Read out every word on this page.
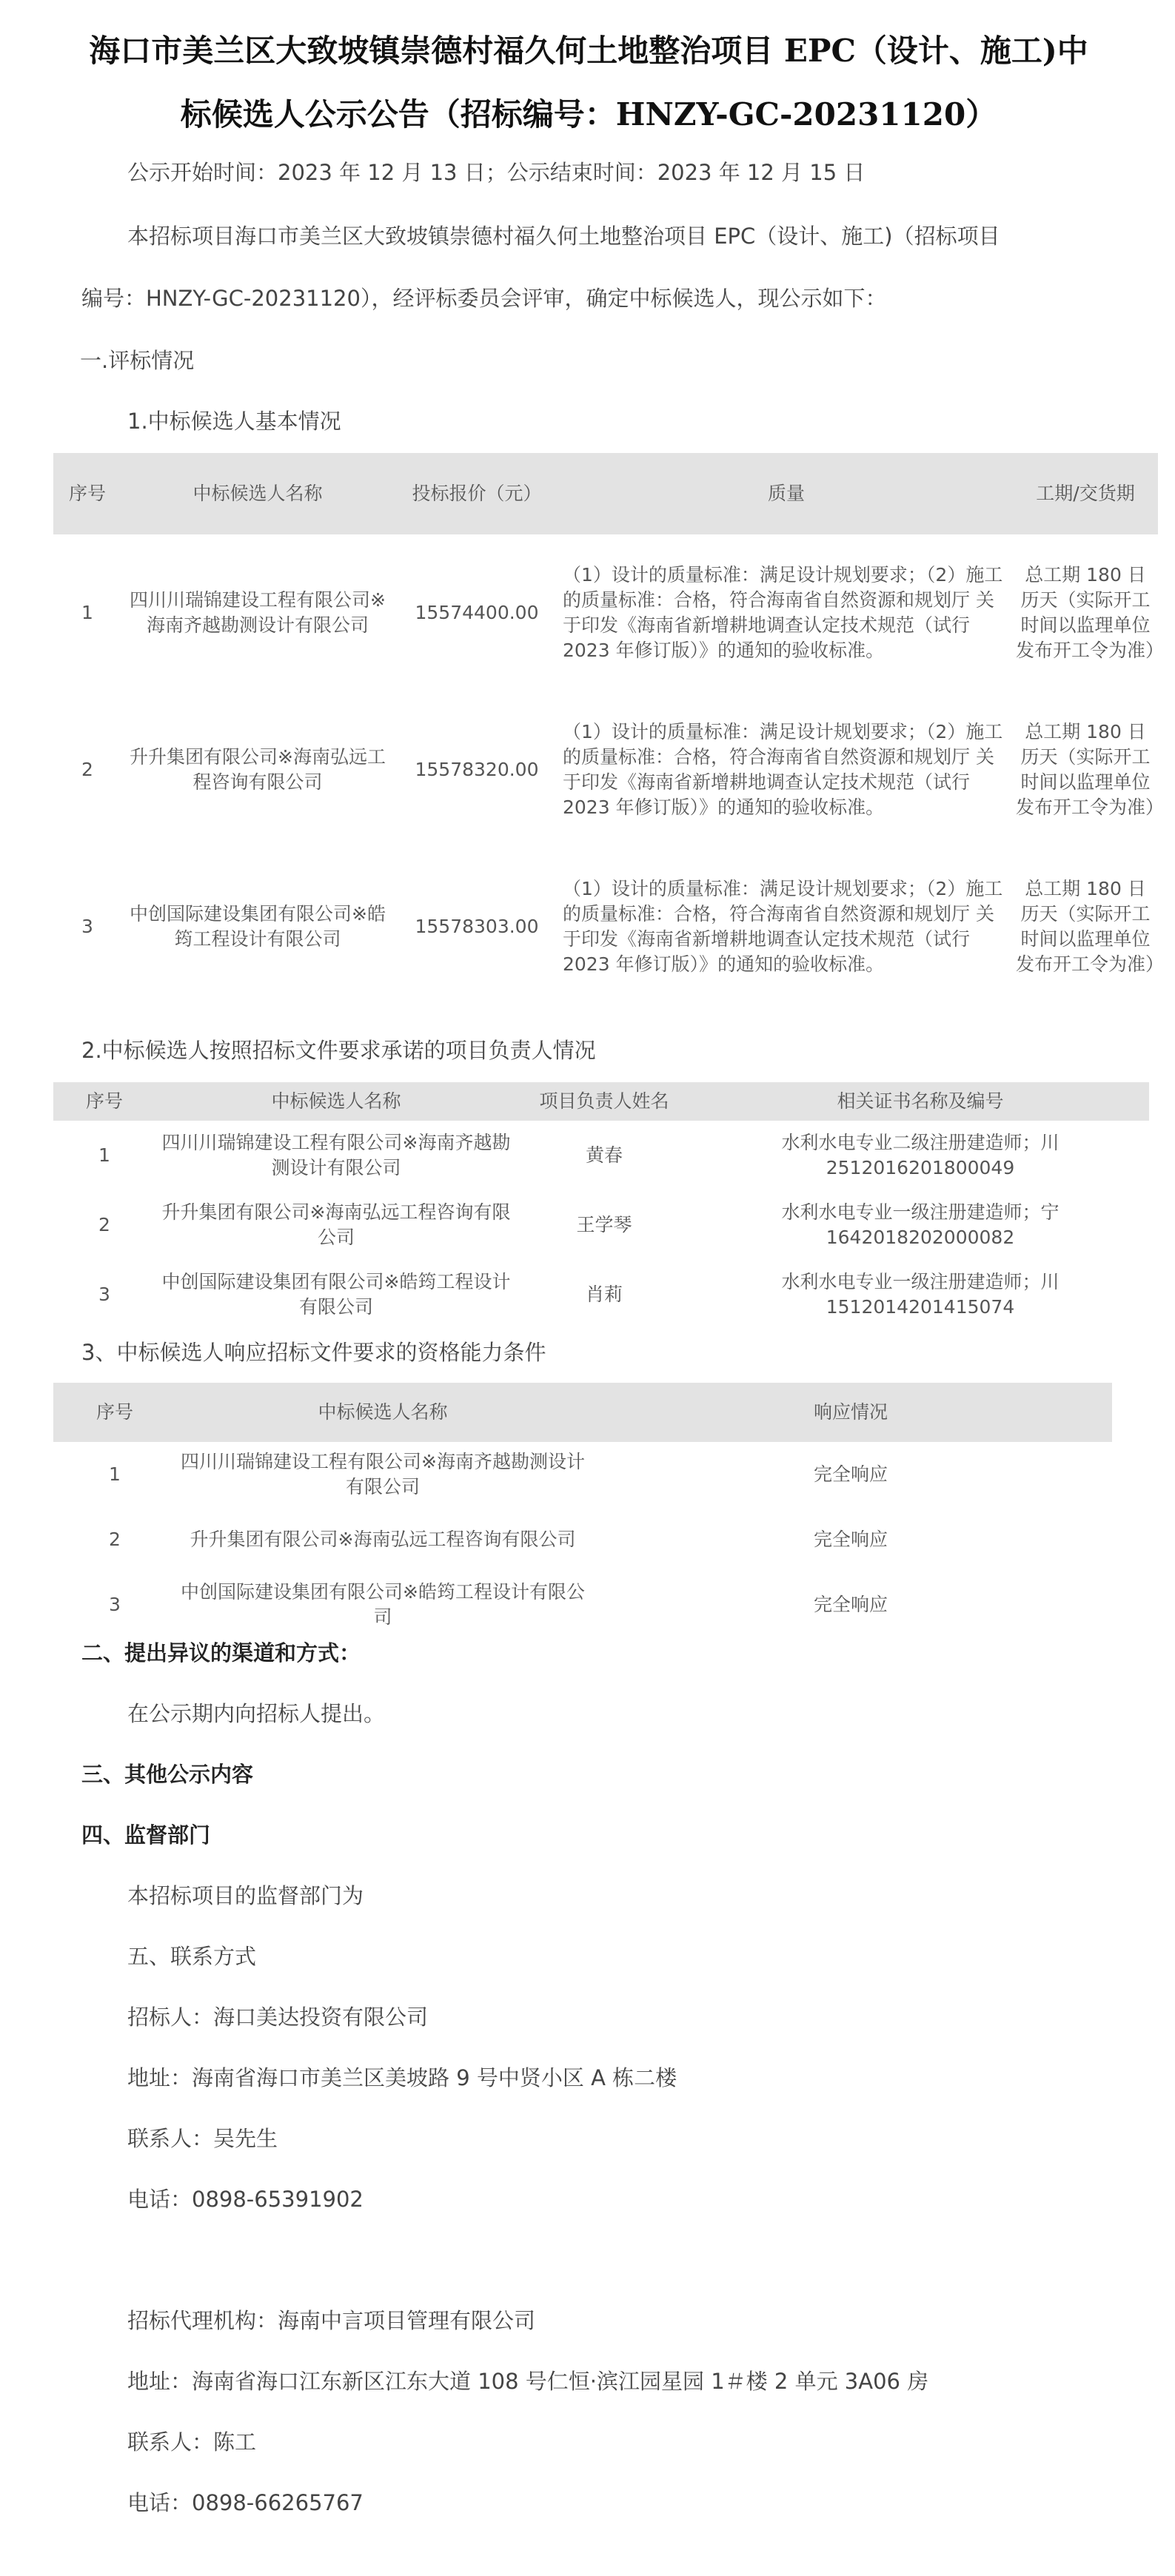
海口市美兰区大致坡镇崇德村福久何土地整治项目 EPC（设计、施工)中
标候选人公示公告（招标编号：HNZY-GC-20231120）
公示开始时间：2023 年 12 月 13 日；公示结束时间：2023 年 12 月 15 日
本招标项目海口市美兰区大致坡镇崇德村福久何土地整治项目 EPC（设计、施工)（招标项目
编号：HNZY-GC-20231120），经评标委员会评审，确定中标候选人，现公示如下：
一.评标情况
1.中标候选人基本情况
序号	中标候选人名称	投标报价（元）	质量	工期/交货期
1	四川川瑞锦建设工程有限公司※海南齐越勘测设计有限公司	15574400.00	（1）设计的质量标准：满足设计规划要求；（2）施工的质量标准：合格，符合海南省自然资源和规划厅 关于印发《海南省新增耕地调查认定技术规范（试行 2023 年修订版）》的通知的验收标准。	总工期 180 日历天（实际开工时间以监理单位发布开工令为准）
2	升升集团有限公司※海南弘远工程咨询有限公司	15578320.00	（1）设计的质量标准：满足设计规划要求；（2）施工的质量标准：合格，符合海南省自然资源和规划厅 关于印发《海南省新增耕地调查认定技术规范（试行 2023 年修订版）》的通知的验收标准。	总工期 180 日历天（实际开工时间以监理单位发布开工令为准）
3	中创国际建设集团有限公司※皓筠工程设计有限公司	15578303.00	（1）设计的质量标准：满足设计规划要求；（2）施工的质量标准：合格，符合海南省自然资源和规划厅 关于印发《海南省新增耕地调查认定技术规范（试行 2023 年修订版）》的通知的验收标准。	总工期 180 日历天（实际开工时间以监理单位发布开工令为准）
2.中标候选人按照招标文件要求承诺的项目负责人情况
序号	中标候选人名称	项目负责人姓名	相关证书名称及编号
1	四川川瑞锦建设工程有限公司※海南齐越勘测设计有限公司	黄春	水利水电专业二级注册建造师；川2512016201800049
2	升升集团有限公司※海南弘远工程咨询有限公司	王学琴	水利水电专业一级注册建造师；宁1642018202000082
3	中创国际建设集团有限公司※皓筠工程设计有限公司	肖莉	水利水电专业一级注册建造师；川1512014201415074
3、中标候选人响应招标文件要求的资格能力条件
序号	中标候选人名称	响应情况
1	四川川瑞锦建设工程有限公司※海南齐越勘测设计有限公司	完全响应
2	升升集团有限公司※海南弘远工程咨询有限公司	完全响应
3	中创国际建设集团有限公司※皓筠工程设计有限公司	完全响应
二、提出异议的渠道和方式：
在公示期内向招标人提出。
三、其他公示内容
四、监督部门
本招标项目的监督部门为
五、联系方式
招标人：海口美达投资有限公司
地址：海南省海口市美兰区美坡路 9 号中贤小区 A 栋二楼
联系人：吴先生
电话：0898-65391902
招标代理机构：海南中言项目管理有限公司
地址：海南省海口江东新区江东大道 108 号仁恒·滨江园星园 1＃楼 2 单元 3A06 房
联系人：陈工
电话：0898-66265767
